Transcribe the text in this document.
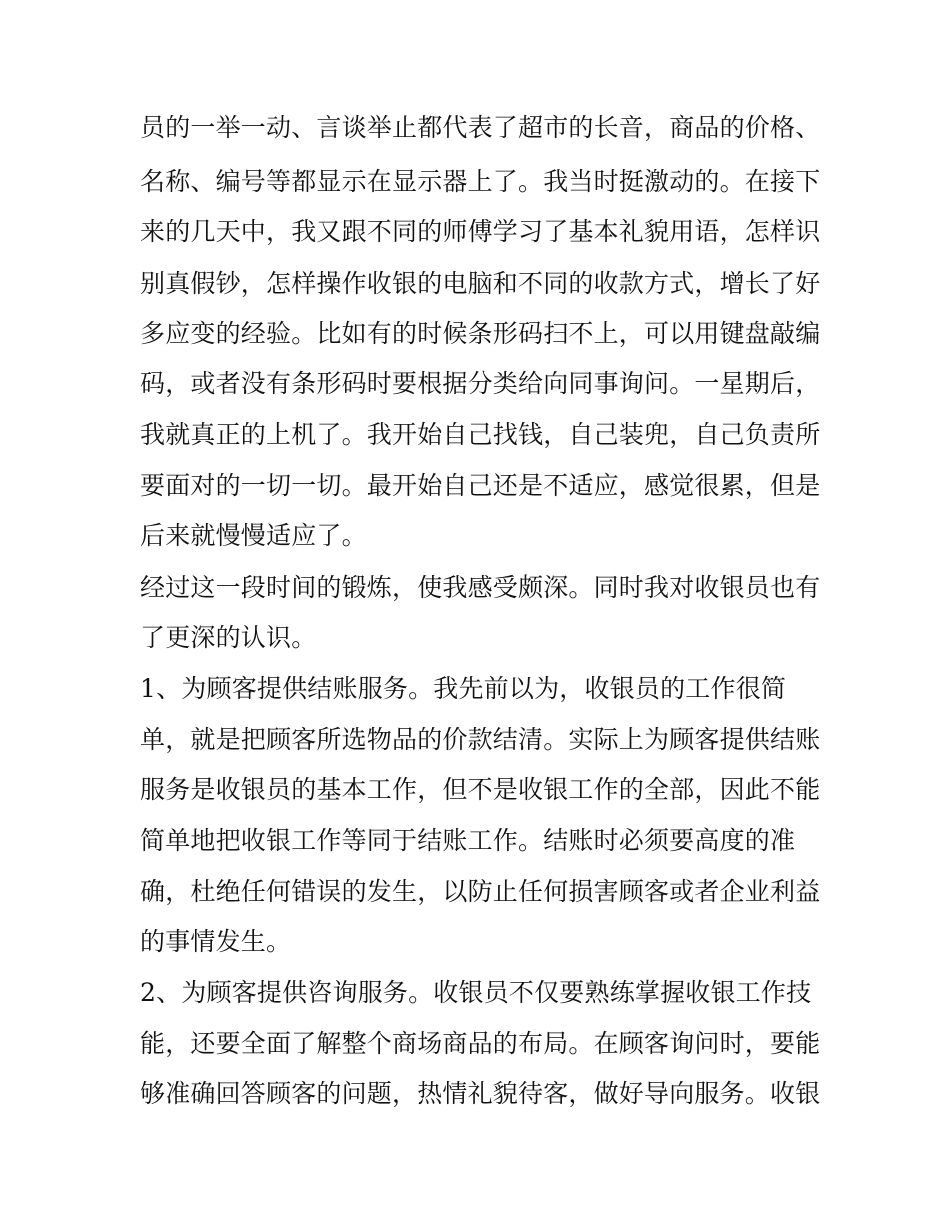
员的一举一动、言谈举止都代表了超市的长音，商品的价格、

名称、编号等都显示在显示器上了。我当时挺激动的。在接下

来的几天中，我又跟不同的师傅学习了基本礼貌用语，怎样识

别真假钞，怎样操作收银的电脑和不同的收款方式，增长了好

多应变的经验。比如有的时候条形码扫不上，可以用键盘敲编

码，或者没有条形码时要根据分类给向同事询问。一星期后，

我就真正的上机了。我开始自己找钱，自己装兜，自己负责所

要面对的一切一切。最开始自己还是不适应，感觉很累，但是

后来就慢慢适应了。

经过这一段时间的锻炼，使我感受颇深。同时我对收银员也有

了更深的认识。

1、为顾客提供结账服务。我先前以为，收银员的工作很简

单，就是把顾客所选物品的价款结清。实际上为顾客提供结账

服务是收银员的基本工作，但不是收银工作的全部，因此不能

简单地把收银工作等同于结账工作。结账时必须要高度的准

确，杜绝任何错误的发生，以防止任何损害顾客或者企业利益

的事情发生。

2、为顾客提供咨询服务。收银员不仅要熟练掌握收银工作技

能，还要全面了解整个商场商品的布局。在顾客询问时，要能

够准确回答顾客的问题，热情礼貌待客，做好导向服务。收银
